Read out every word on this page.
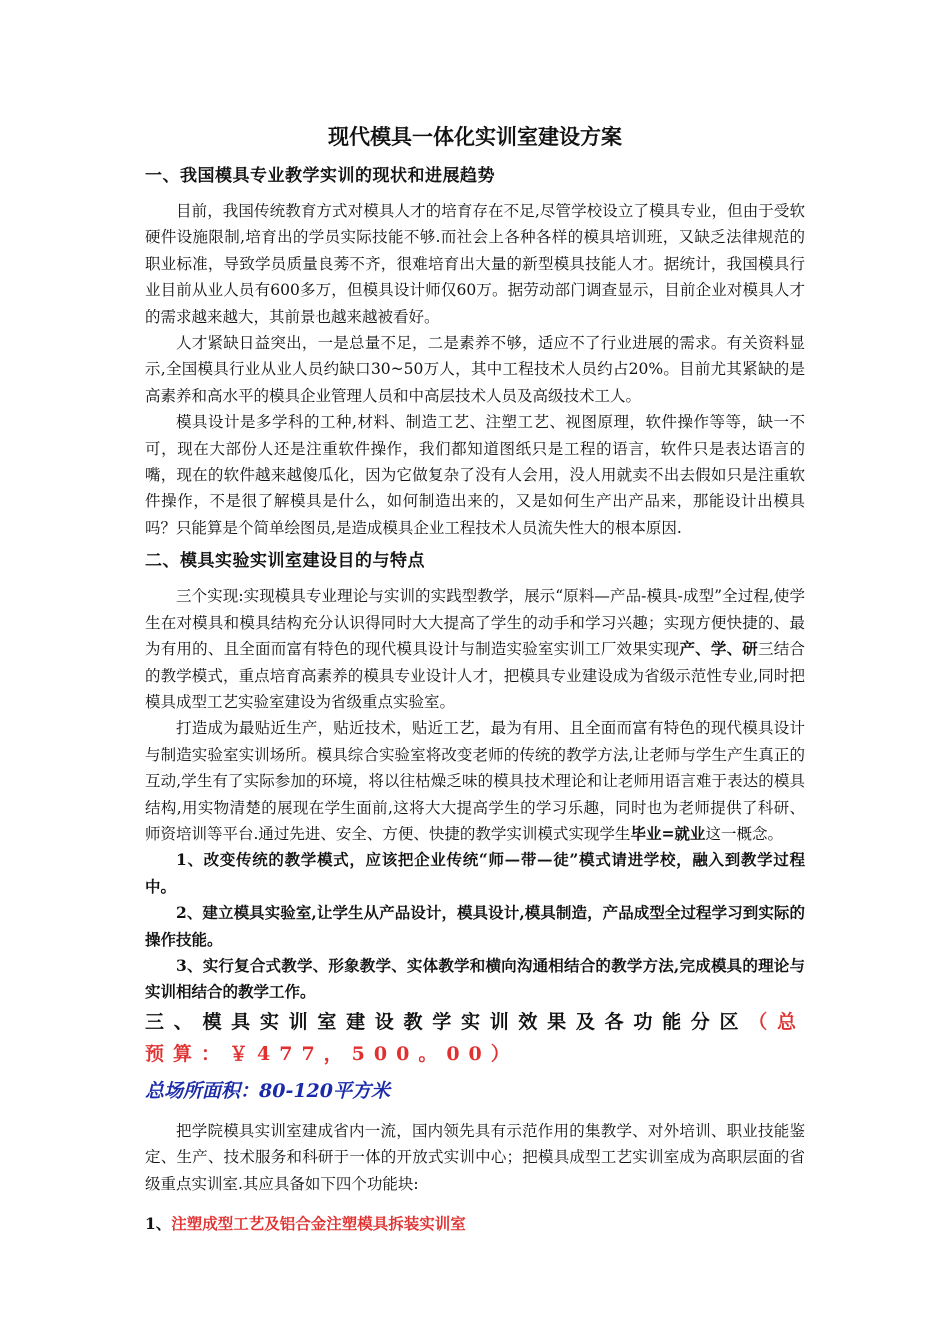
现代模具一体化实训室建设方案

一、我国模具专业教学实训的现状和进展趋势

目前，我国传统教育方式对模具人才的培育存在不足,尽管学校设立了模具专业，但由于受软硬件设施限制,培育出的学员实际技能不够.而社会上各种各样的模具培训班，又缺乏法律规范的职业标准，导致学员质量良莠不齐，很难培育出大量的新型模具技能人才。据统计，我国模具行业目前从业人员有600多万，但模具设计师仅60万。据劳动部门调查显示，目前企业对模具人才的需求越来越大，其前景也越来越被看好。

人才紧缺日益突出，一是总量不足，二是素养不够，适应不了行业进展的需求。有关资料显示,全国模具行业从业人员约缺口30~50万人，其中工程技术人员约占20%。目前尤其紧缺的是高素养和高水平的模具企业管理人员和中高层技术人员及高级技术工人。

模具设计是多学科的工种,材料、制造工艺、注塑工艺、视图原理，软件操作等等，缺一不可，现在大部份人还是注重软件操作，我们都知道图纸只是工程的语言，软件只是表达语言的嘴，现在的软件越来越傻瓜化，因为它做复杂了没有人会用，没人用就卖不出去假如只是注重软件操作，不是很了解模具是什么，如何制造出来的，又是如何生产出产品来，那能设计出模具吗？只能算是个简单绘图员,是造成模具企业工程技术人员流失性大的根本原因.

二、模具实验实训室建设目的与特点

三个实现:实现模具专业理论与实训的实践型教学，展示“原料—产品-模具-成型”全过程,使学生在对模具和模具结构充分认识得同时大大提高了学生的动手和学习兴趣；实现方便快捷的、最为有用的、且全面而富有特色的现代模具设计与制造实验室实训工厂效果实现产、学、研三结合的教学模式，重点培育高素养的模具专业设计人才，把模具专业建设成为省级示范性专业,同时把模具成型工艺实验室建设为省级重点实验室。

打造成为最贴近生产，贴近技术，贴近工艺，最为有用、且全面而富有特色的现代模具设计与制造实验室实训场所。模具综合实验室将改变老师的传统的教学方法,让老师与学生产生真正的互动,学生有了实际参加的环境，将以往枯燥乏味的模具技术理论和让老师用语言难于表达的模具结构,用实物清楚的展现在学生面前,这将大大提高学生的学习乐趣，同时也为老师提供了科研、师资培训等平台.通过先进、安全、方便、快捷的教学实训模式实现学生毕业=就业这一概念。

1、改变传统的教学模式，应该把企业传统“师—带—徒”模式请进学校，融入到教学过程中。

2、建立模具实验室,让学生从产品设计，模具设计,模具制造，产品成型全过程学习到实际的操作技能。

3、实行复合式教学、形象教学、实体教学和横向沟通相结合的教学方法,完成模具的理论与实训相结合的教学工作。

三、模具实训室建设教学实训效果及各功能分区（总预算：￥477，500。00）

总场所面积：80-120平方米

把学院模具实训室建成省内一流，国内领先具有示范作用的集教学、对外培训、职业技能鉴定、生产、技术服务和科研于一体的开放式实训中心；把模具成型工艺实训室成为高职层面的省级重点实训室.其应具备如下四个功能块:

1、注塑成型工艺及铝合金注塑模具拆装实训室
